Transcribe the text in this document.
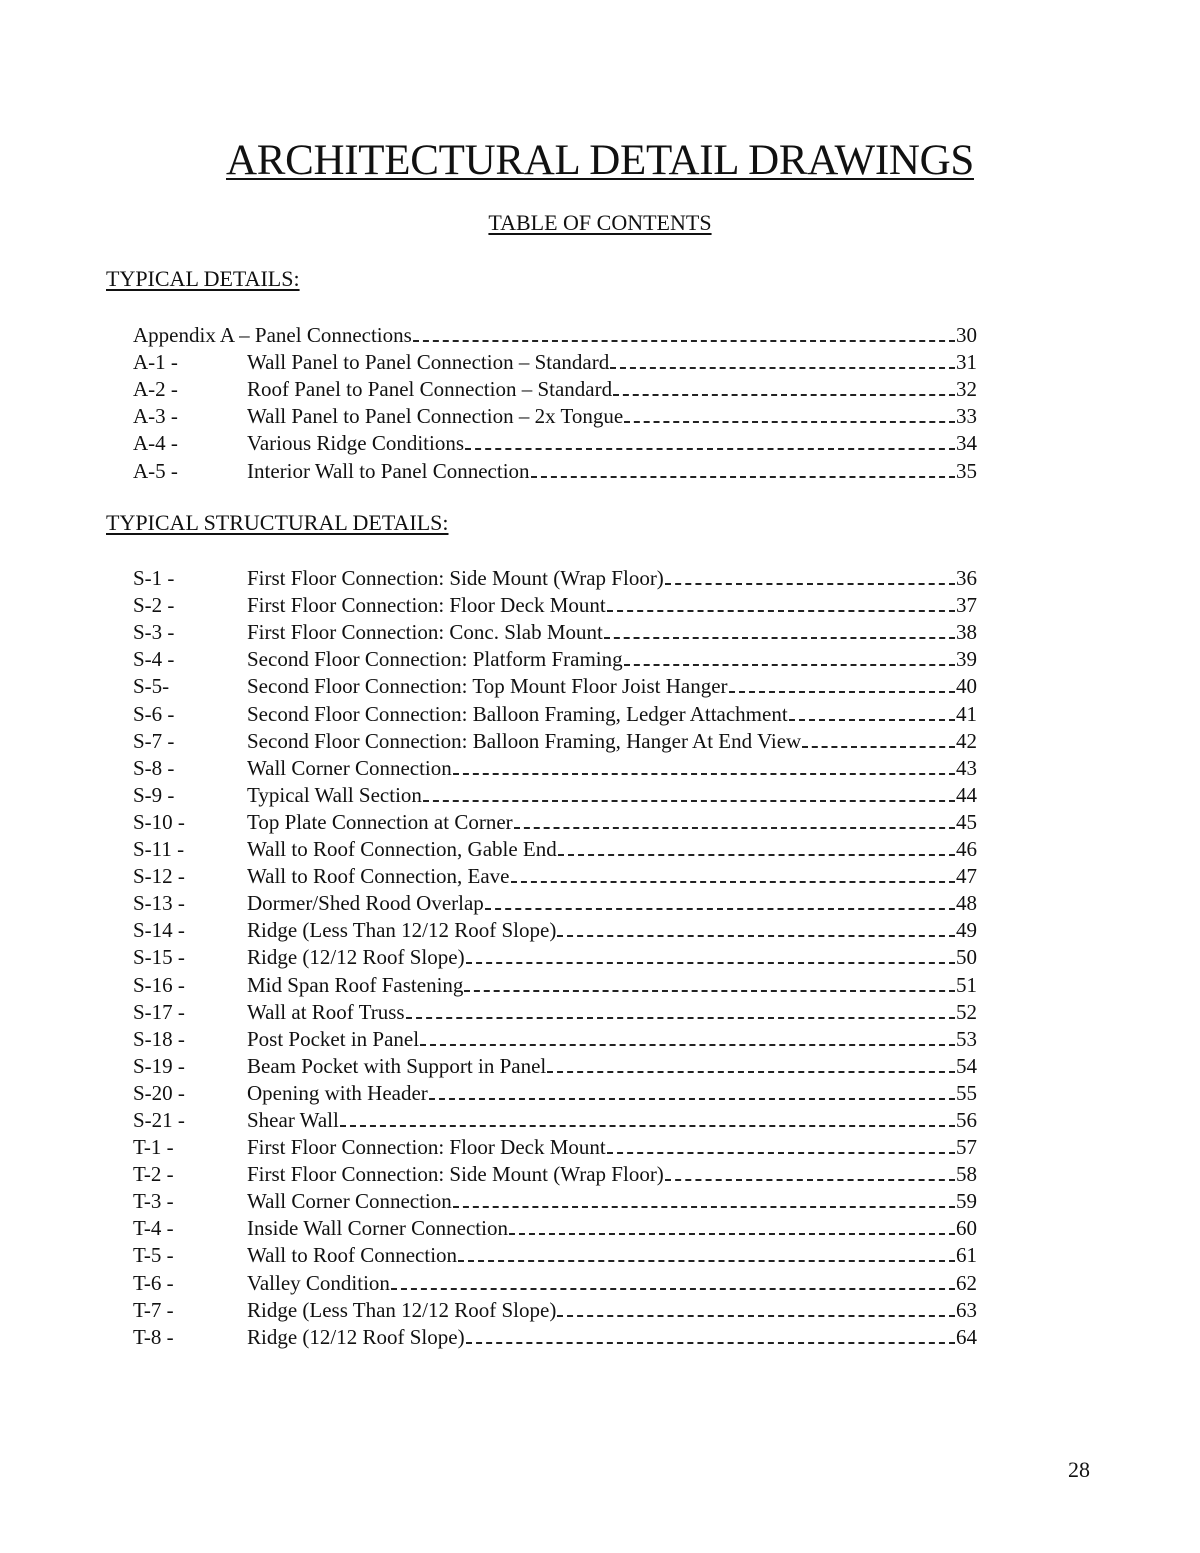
ARCHITECTURAL DETAIL DRAWINGS
TABLE OF CONTENTS
TYPICAL DETAILS:
Appendix A – Panel Connections	30
A-1 -	Wall Panel to Panel Connection – Standard	31
A-2 -	Roof Panel to Panel Connection – Standard	32
A-3 -	Wall Panel to Panel Connection – 2x Tongue	33
A-4 -	Various Ridge Conditions	34
A-5 -	Interior Wall to Panel Connection	35
TYPICAL STRUCTURAL DETAILS:
S-1 -	First Floor Connection: Side Mount (Wrap Floor)	36
S-2 -	First Floor Connection: Floor Deck Mount	37
S-3 -	First Floor Connection: Conc. Slab Mount	38
S-4 -	Second Floor Connection: Platform Framing	39
S-5-	Second Floor Connection: Top Mount Floor Joist Hanger	40
S-6 -	Second Floor Connection: Balloon Framing, Ledger Attachment	41
S-7 -	Second Floor Connection: Balloon Framing, Hanger At End View	42
S-8 -	Wall Corner Connection	43
S-9 -	Typical Wall Section	44
S-10 -	Top Plate Connection at Corner	45
S-11 -	Wall to Roof Connection, Gable End	46
S-12 -	Wall to Roof Connection, Eave	47
S-13 -	Dormer/Shed Rood Overlap	48
S-14 -	Ridge (Less Than 12/12 Roof Slope)	49
S-15 -	Ridge (12/12 Roof Slope)	50
S-16 -	Mid Span Roof Fastening	51
S-17 -	Wall at Roof Truss	52
S-18 -	Post Pocket in Panel	53
S-19 -	Beam Pocket with Support in Panel	54
S-20 -	Opening with Header	55
S-21 -	Shear Wall	56
T-1 -	First Floor Connection: Floor Deck Mount	57
T-2 -	First Floor Connection: Side Mount (Wrap Floor)	58
T-3 -	Wall Corner Connection	59
T-4 -	Inside Wall Corner Connection	60
T-5 -	Wall to Roof Connection	61
T-6 -	Valley Condition	62
T-7 -	Ridge (Less Than 12/12 Roof Slope)	63
T-8 -	Ridge (12/12 Roof Slope)	64
28
